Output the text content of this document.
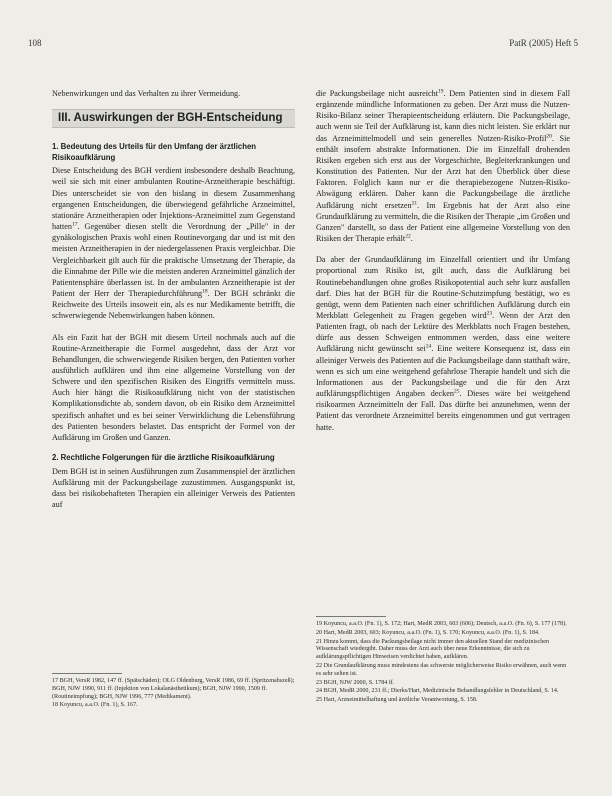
108	PatR (2005) Heft 5

Nebenwirkungen und das Verhalten zu ihrer Vermeidung.

III. Auswirkungen der BGH-Entscheidung
1. Bedeutung des Urteils für den Umfang der ärztlichen Risikoaufklärung

Diese Entscheidung des BGH verdient insbesondere deshalb Beachtung, weil sie sich mit einer ambulanten Routine-Arzneitherapie beschäftigt. Dies unterscheidet sie von den bislang in diesem Zusammenhang ergangenen Entscheidungen, die überwiegend gefährliche Arzneimittel, stationäre Arzneitherapien oder Injektions-Arzneimittel zum Gegenstand hatten$^{17}$. Gegenüber diesen stellt die Verordnung der „Pille" in der gynäkologischen Praxis wohl einen Routinevorgang dar und ist mit den meisten Arzneitherapien in der niedergelassenen Praxis vergleichbar. Die Vergleichbarkeit gilt auch für die praktische Umsetzung der Therapie, da die Einnahme der Pille wie die meisten anderen Arzneimittel gänzlich der Patientensphäre überlassen ist. In der ambulanten Arzneitherapie ist der Patient der Herr der Therapiedurchführung$^{18}$. Der BGH schränkt die Reichweite des Urteils insoweit ein, als es nur Medikamente betrifft, die schwerwiegende Nebenwirkungen haben können.

Als ein Fazit hat der BGH mit diesem Urteil nochmals auch auf die Routine-Arzneitherapie die Formel ausgedehnt, dass der Arzt vor Behandlungen, die schwerwiegende Risiken bergen, den Patienten vorher ausführlich aufklären und ihm eine allgemeine Vorstellung von der Schwere und den spezifischen Risiken des Eingriffs vermitteln muss. Auch hier hängt die Risikoaufklärung nicht von der statistischen Komplikationsdichte ab, sondern davon, ob ein Risiko dem Arzneimittel spezifisch anhaftet und es bei seiner Verwirklichung die Lebensführung des Patienten besonders belastet. Das entspricht der Formel von der Aufklärung im Großen und Ganzen.

2. Rechtliche Folgerungen für die ärztliche Risikoaufklärung

Dem BGH ist in seinen Ausführungen zum Zusammenspiel der ärztlichen Aufklärung mit der Packungsbeilage zuzustimmen. Ausgangspunkt ist, dass bei risikobehafteten Therapien ein alleiniger Verweis des Patienten auf

die Packungsbeilage nicht ausreicht$^{19}$. Dem Patienten sind in diesem Fall ergänzende mündliche Informationen zu geben. Der Arzt muss die Nutzen-Risiko-Bilanz seiner Therapieentscheidung erläutern. Die Packungsbeilage, auch wenn sie Teil der Aufklärung ist, kann dies nicht leisten. Sie erklärt nur das Arzneimittelmodell und sein generelles Nutzen-Risiko-Profil$^{20}$. Sie enthält insofern abstrakte Informationen. Die im Einzelfall drohenden Risiken ergeben sich erst aus der Vorgeschichte, Begleiterkrankungen und Konstitution des Patienten. Nur der Arzt hat den Überblick über diese Faktoren. Folglich kann nur er die therapiebezogene Nutzen-Risiko-Abwägung erklären. Daher kann die Packungsbeilage die ärztliche Aufklärung nicht ersetzen$^{21}$. Im Ergebnis hat der Arzt also eine Grundaufklärung zu vermitteln, die die Risiken der Therapie „im Großen und Ganzen" darstellt, so dass der Patient eine allgemeine Vorstellung von den Risiken der Therapie erhält$^{22}$.

Da aber der Grundaufklärung im Einzelfall orientiert und ihr Umfang proportional zum Risiko ist, gilt auch, dass die Aufklärung bei Routinebehandlungen ohne großes Risikopotential auch sehr kurz ausfallen darf. Dies hat der BGH für die Routine-Schutzimpfung bestätigt, wo es genügt, wenn dem Patienten nach einer schriftlichen Aufklärung durch ein Merkblatt Gelegenheit zu Fragen gegeben wird$^{23}$. Wenn der Arzt den Patienten fragt, ob nach der Lektüre des Merkblatts noch Fragen bestehen, dürfe aus dessen Schweigen entnommen werden, dass eine weitere Aufklärung nicht gewünscht sei$^{24}$. Eine weitere Konsequenz ist, dass ein alleiniger Verweis des Patienten auf die Packungsbeilage dann statthaft wäre, wenn es sich um eine weitgehend gefahrlose Therapie handelt und sich die Informationen aus der Packungsbeilage und die für den Arzt aufklärungspflichtigen Angaben decken$^{25}$. Dieses wäre bei weitgehend risikoarmen Arzneimitteln der Fall. Das dürfte bei anzunehmen, wenn der Patient das verordnete Arzneimittel bereits eingenommen und gut vertragen hatte.

17 BGH, VersR 1982, 147 ff. (Spätschäden); OLG Oldenburg, VersR 1986, 69 ff. (Spritzenabszeß); BGH, NJW 1990, 911 ff. (Injektion von Lokalanästhetikum); BGH, NJW 1990, 1509 ff. (Routineimpfung); BGH, NJW 1996, 777 (Medikament).
18 Koyuncu, a.a.O. (Fn. 1), S. 167.
19 Koyuncu, a.a.O. (Fn. 1), S. 172; Hart, MedR 2003, 603 (606); Deutsch, a.a.O. (Fn. 6), S. 177 (178).
20 Hart, MedR 2003, 603; Koyuncu, a.a.O. (Fn. 1), S. 170; Koyuncu, a.a.O. (Fn. 1), S. 184.
21 Hinzu kommt, dass die Packungsbeilage nicht immer den aktuellen Stand der medizinischen Wissenschaft wiedergibt. Daher muss der Arzt auch über neue Erkenntnisse, die sich zu aufklärungspflichtigen Hinweisen verdichtet haben, aufklären.
22 Die Grundaufklärung muss mindestens das schwerste möglicherweise Risiko erwähnen, auch wenn es sehr selten ist.
23 BGH, NJW 2000, S. 1784 ff.
24 BGH, MedR 2000, 231 ff.; Dierks/Hart, Medizinische Behandlungsfehler in Deutschland, S. 14.
25 Hart, Arzneimittelhaftung und ärztliche Verantwortung, S. 158.
